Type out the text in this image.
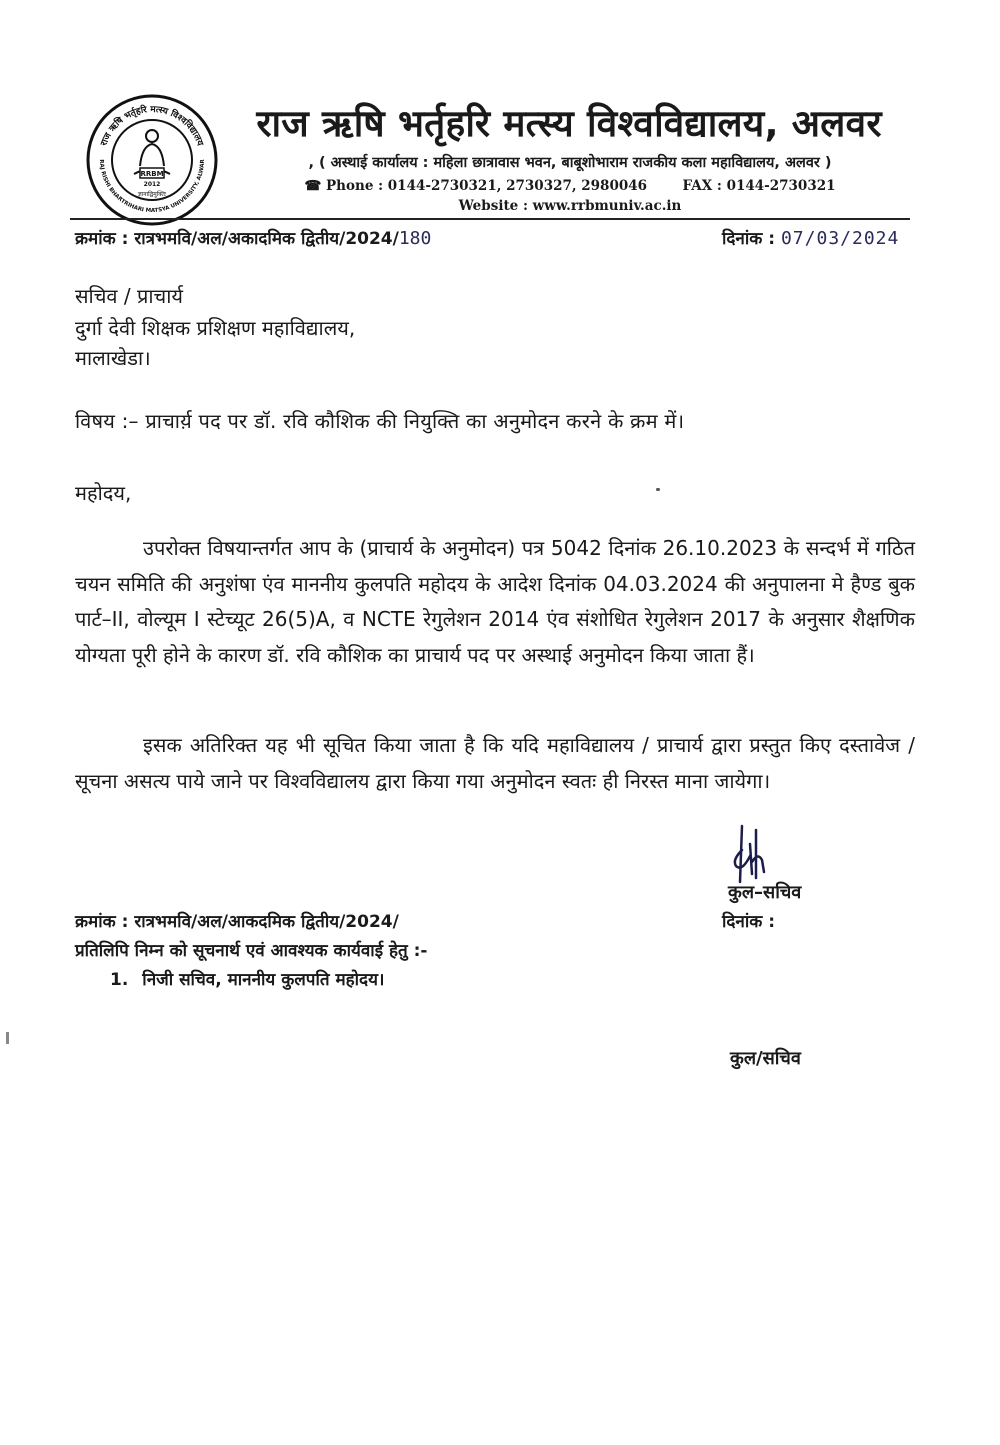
राज ऋषि भर्तृहरि मत्स्य विश्वविद्यालय
RAJ RISHI BHARTRIHARI MATSYA UNIVERSITY, ALWAR
RRBM
2012
ज्ञानाद्विमुक्तिः
राज ऋषि भर्तृहरि मत्स्य विश्वविद्यालय, अलवर
, ( अस्थाई कार्यालय : महिला छात्रावास भवन, बाबूशोभाराम राजकीय कला महाविद्यालय, अलवर )
☎ Phone : 0144-2730321, 2730327, 2980046	FAX : 0144-2730321
Website : www.rrbmuniv.ac.in
क्रमांक : रात्रभमवि/अल/अकादमिक द्वितीय/2024/180	दिनांक : 07/03/2024
सचिव / प्राचार्य
दुर्गा देवी शिक्षक प्रशिक्षण महाविद्यालय,
मालाखेडा।
विषय :– प्राचार्य़ पद पर डॉ. रवि कौशिक की नियुक्ति का अनुमोदन करने के क्रम में।
महोदय,
उपरोक्त विषयान्तर्गत आप के (प्राचार्य के अनुमोदन) पत्र 5042 दिनांक 26.10.2023 के सन्दर्भ में गठित चयन समिति की अनुशंषा एंव माननीय कुलपति महोदय के आदेश दिनांक 04.03.2024 की अनुपालना मे हैण्ड बुक पार्ट–II, वोल्यूम I स्टेच्यूट 26(5)A, व NCTE रेगुलेशन 2014 एंव संशोधित रेगुलेशन 2017 के अनुसार शैक्षणिक योग्यता पूरी होने के कारण डॉ. रवि कौशिक का प्राचार्य पद पर अस्थाई अनुमोदन किया जाता हैं।
इसक अतिरिक्त यह भी सूचित किया जाता है कि यदि महाविद्यालय / प्राचार्य द्वारा प्रस्तुत किए दस्तावेज / सूचना असत्य पाये जाने पर विश्वविद्यालय द्वारा किया गया अनुमोदन स्वतः ही निरस्त माना जायेगा।
कुल–सचिव
दिनांक :
क्रमांक : रात्रभमवि/अल/आकदमिक द्वितीय/2024/
प्रतिलिपि निम्न को सूचनार्थ एवं आवश्यक कार्यवाई हेतु :-
1. निजी सचिव, माननीय कुलपति महोदय।
कुल/सचिव
